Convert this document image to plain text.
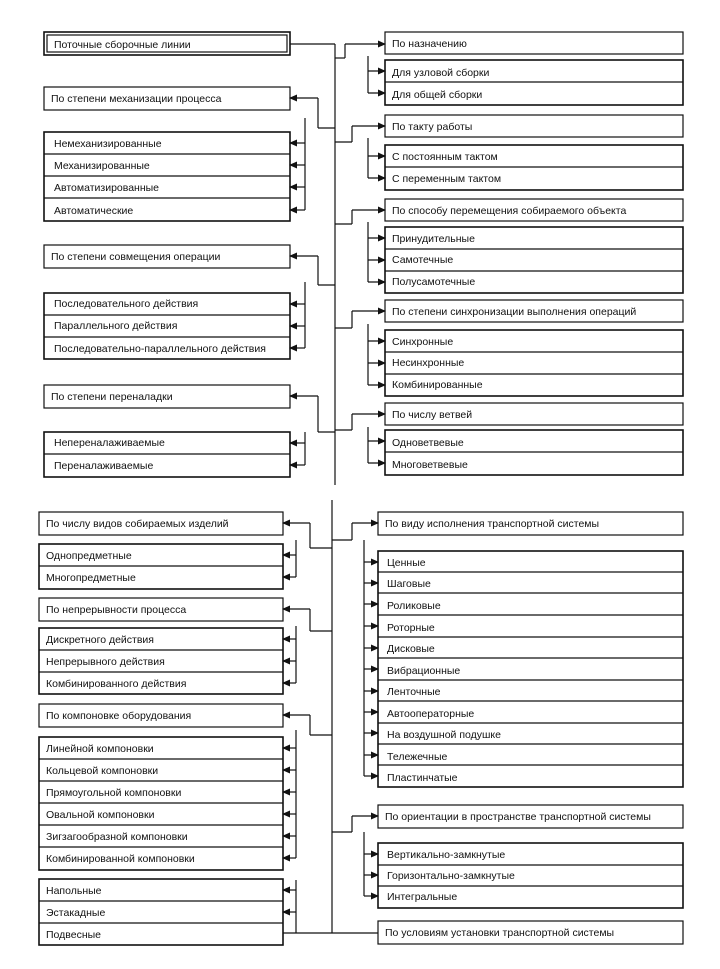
Поточные сборочные линии
По степени механизации процесса
Немеханизированные
Механизированные
Автоматизированные
Автоматические
По степени совмещения операции
Последовательного действия
Параллельного действия
Последовательно-параллельного действия
По степени переналадки
Непереналаживаемые
Переналаживаемые
По назначению
Для узловой сборки
Для общей сборки
По такту работы
С постоянным тактом
С переменным тактом
По способу перемещения собираемого объекта
Принудительные
Самотечные
Полусамотечные
По степени синхронизации выполнения операций
Синхронные
Несинхронные
Комбинированные
По числу ветвей
Одноветвевые
Многоветвевые
По числу видов собираемых изделий
Однопредметные
Многопредметные
По непрерывности процесса
Дискретного действия
Непрерывного действия
Комбинированного действия
По компоновке оборудования
Линейной компоновки
Кольцевой компоновки
Прямоугольной компоновки
Овальной компоновки
Зигзагообразной компоновки
Комбинированной компоновки
Напольные
Эстакадные
Подвесные
По виду исполнения транспортной системы
Ценные
Шаговые
Роликовые
Роторные
Дисковые
Вибрационные
Ленточные
Автооператорные
На воздушной подушке
Тележечные
Пластинчатые
По ориентации в пространстве транспортной системы
Вертикально-замкнутые
Горизонтально-замкнутые
Интегральные
По условиям установки транспортной системы
